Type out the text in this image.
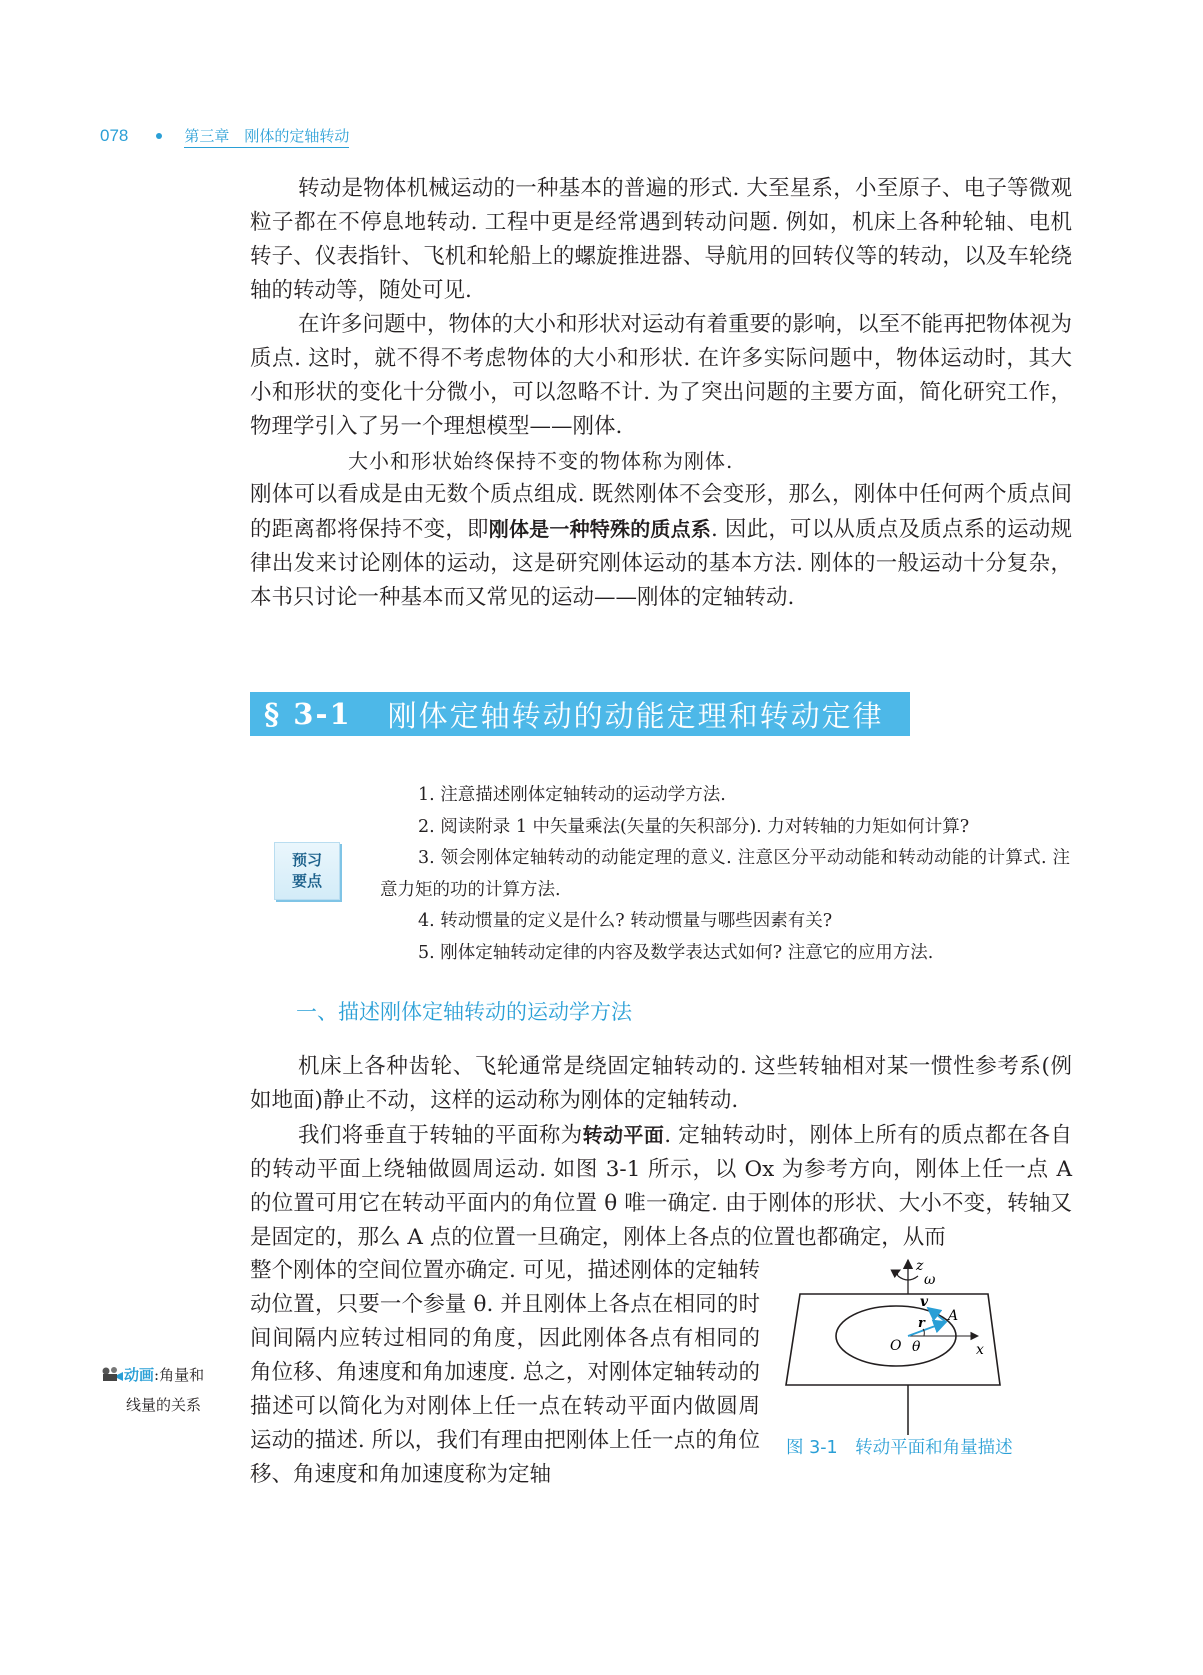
078	第三章　刚体的定轴转动

转动是物体机械运动的一种基本的普遍的形式. 大至星系，小至原子、电子等微观粒子都在不停息地转动. 工程中更是经常遇到转动问题. 例如，机床上各种轮轴、电机转子、仪表指针、飞机和轮船上的螺旋推进器、导航用的回转仪等的转动，以及车轮绕轴的转动等，随处可见.

在许多问题中，物体的大小和形状对运动有着重要的影响，以至不能再把物体视为质点. 这时，就不得不考虑物体的大小和形状. 在许多实际问题中，物体运动时，其大小和形状的变化十分微小，可以忽略不计. 为了突出问题的主要方面，简化研究工作，物理学引入了另一个理想模型——刚体.

大小和形状始终保持不变的物体称为刚体.

刚体可以看成是由无数个质点组成. 既然刚体不会变形，那么，刚体中任何两个质点间的距离都将保持不变，即刚体是一种特殊的质点系. 因此，可以从质点及质点系的运动规律出发来讨论刚体的运动，这是研究刚体运动的基本方法. 刚体的一般运动十分复杂，本书只讨论一种基本而又常见的运动——刚体的定轴转动.

§ 3-1 刚体定轴转动的动能定理和转动定律
预习
要点

1. 注意描述刚体定轴转动的运动学方法.

2. 阅读附录 1 中矢量乘法(矢量的矢积部分). 力对转轴的力矩如何计算?

3. 领会刚体定轴转动的动能定理的意义. 注意区分平动动能和转动动能的计算式. 注意力矩的功的计算方法.

4. 转动惯量的定义是什么? 转动惯量与哪些因素有关?

5. 刚体定轴转动定律的内容及数学表达式如何? 注意它的应用方法.

一、描述刚体定轴转动的运动学方法

机床上各种齿轮、飞轮通常是绕固定轴转动的. 这些转轴相对某一惯性参考系(例如地面)静止不动，这样的运动称为刚体的定轴转动.

我们将垂直于转轴的平面称为转动平面. 定轴转动时，刚体上所有的质点都在各自的转动平面上绕轴做圆周运动. 如图 3-1 所示，以 Ox 为参考方向，刚体上任一点 A 的位置可用它在转动平面内的角位置 θ 唯一确定. 由于刚体的形状、大小不变，转轴又是固定的，那么 A 点的位置一旦确定，刚体上各点的位置也都确定，从而

整个刚体的空间位置亦确定. 可见，描述刚体的定轴转动位置，只要一个参量 θ. 并且刚体上各点在相同的时间间隔内应转过相同的角度，因此刚体各点有相同的角位移、角速度和角加速度. 总之，对刚体定轴转动的描述可以简化为对刚体上任一点在转动平面内做圆周运动的描述. 所以，我们有理由把刚体上任一点的角位移、角速度和角加速度称为定轴

动画 :角量和
线量的关系
z
ω
x
v
A
r
O θ
图 3-1　转动平面和角量描述
